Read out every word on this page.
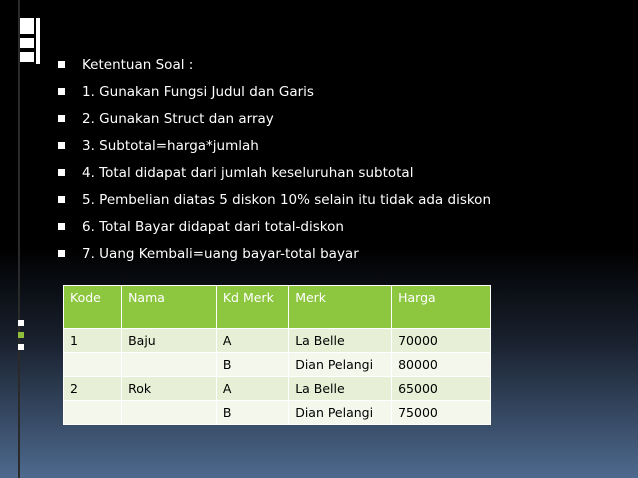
Ketentuan Soal :
1. Gunakan Fungsi Judul dan Garis
2. Gunakan Struct dan array
3. Subtotal=harga*jumlah
4. Total didapat dari jumlah keseluruhan subtotal
5. Pembelian diatas 5 diskon 10% selain itu tidak ada diskon
6. Total Bayar didapat dari total-diskon
7. Uang Kembali=uang bayar-total bayar
Kode	Nama	Kd Merk	Merk	Harga
1	Baju	A	La Belle	70000
		B	Dian Pelangi	80000
2	Rok	A	La Belle	65000
		B	Dian Pelangi	75000
